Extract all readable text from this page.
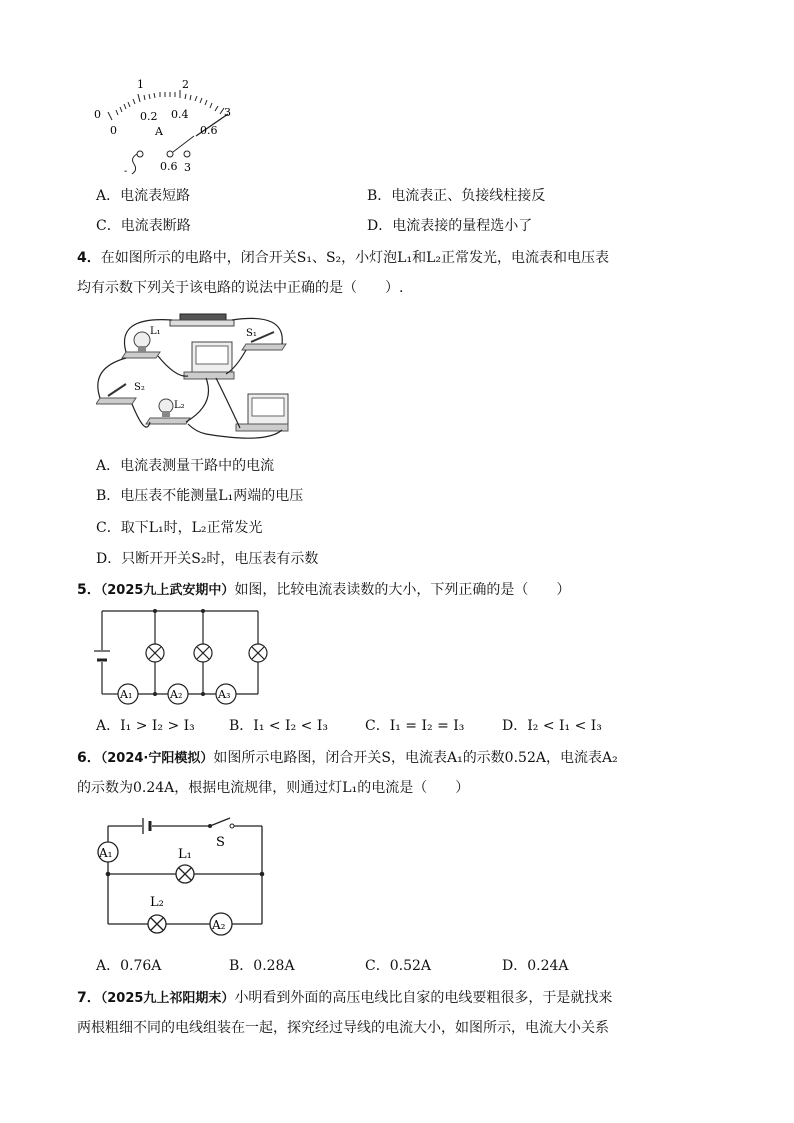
3
1	2
0
0
0.2 0.4
0.6
A
-	0.6 3
A．电流表短路	B．电流表正、负接线柱接反
C．电流表断路	D．电流表接的量程选小了
4．在如图所示的电路中，闭合开关S₁、S₂，小灯泡L₁和L₂正常发光，电流表和电压表
均有示数下列关于该电路的说法中正确的是（　　）.
L₁	S₁
S₂
L₂
A．电流表测量干路中的电流
B．电压表不能测量L₁两端的电压
C．取下L₁时，L₂正常发光
D．只断开开关S₂时，电压表有示数
5．（2025九上武安期中）如图，比较电流表读数的大小，下列正确的是（　　）
A₁	A₂	A₃
A．I₁ > I₂ > I₃ B．I₁ < I₂ < I₃	C．I₁ = I₂ = I₃	D．I₂ < I₁ < I₃
6．（2024·宁阳模拟）如图所示电路图，闭合开关S，电流表A₁的示数0.52A，电流表A₂
的示数为0.24A，根据电流规律，则通过灯L₁的电流是（　　）
S
L₁
L₂
A₁
A₂
A．0.76A	B．0.28A	C．0.52A	D．0.24A
7．（2025九上祁阳期末）小明看到外面的高压电线比自家的电线要粗很多，于是就找来
两根粗细不同的电线组装在一起，探究经过导线的电流大小，如图所示，电流大小关系
